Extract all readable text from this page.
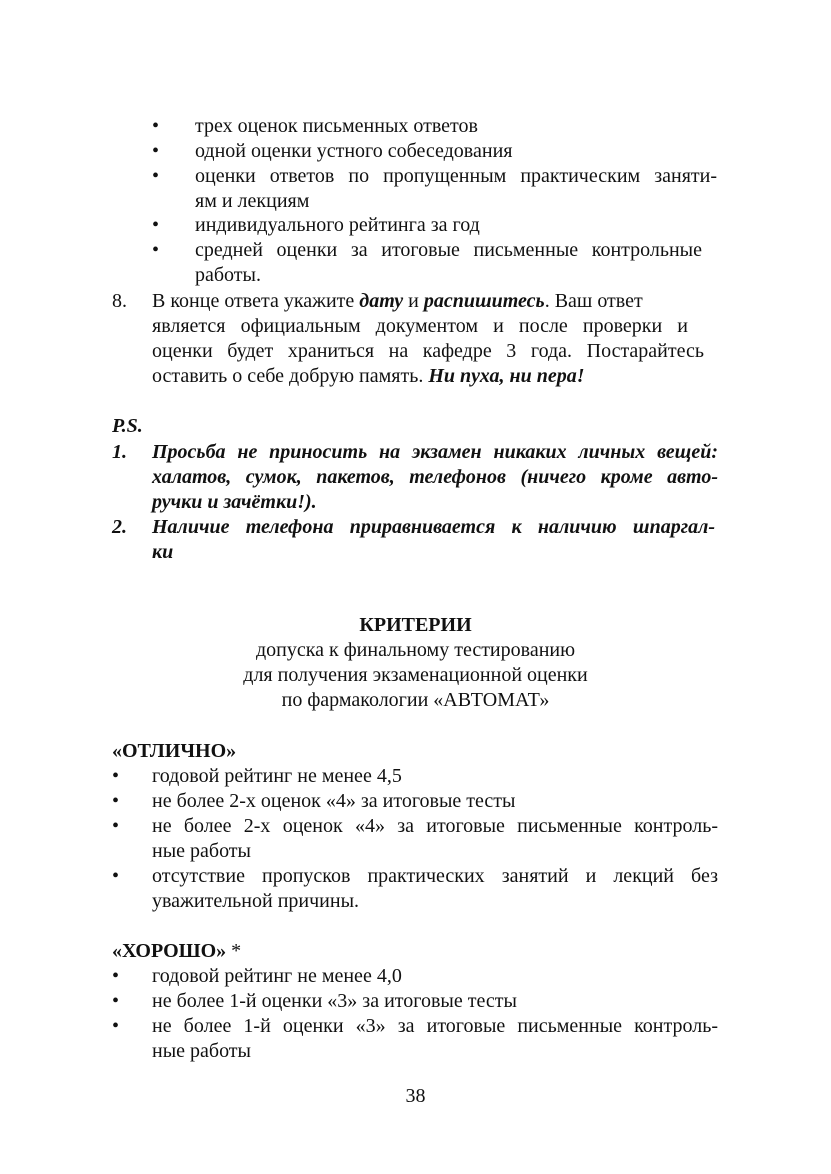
• трех оценок письменных ответов
• одной оценки устного собеседования
• оценки ответов по пропущенным практическим заняти-
ям и лекциям
• индивидуального рейтинга за год
• средней оценки за итоговые письменные контрольные
работы.
8. В конце ответа укажите дату и распишитесь. Ваш ответ
является официальным документом и после проверки и
оценки будет храниться на кафедре 3 года. Постарайтесь
оставить о себе добрую память. Ни пуха, ни пера!
P.S.
1. Просьба не приносить на экзамен никаких личных вещей:
халатов, сумок, пакетов, телефонов (ничего кроме авто-
ручки и зачётки!).
2. Наличие телефона приравнивается к наличию шпаргал-
ки
КРИТЕРИИ
допуска к финальному тестированию
для получения экзаменационной оценки
по фармакологии «АВТОМАТ»
«ОТЛИЧНО»
• годовой рейтинг не менее 4,5
• не более 2-х оценок «4» за итоговые тесты
• не более 2-х оценок «4» за итоговые письменные контроль-
ные работы
• отсутствие пропусков практических занятий и лекций без
уважительной причины.
«ХОРОШО» *
• годовой рейтинг не менее 4,0
• не более 1-й оценки «3» за итоговые тесты
• не более 1-й оценки «3» за итоговые письменные контроль-
ные работы
38
